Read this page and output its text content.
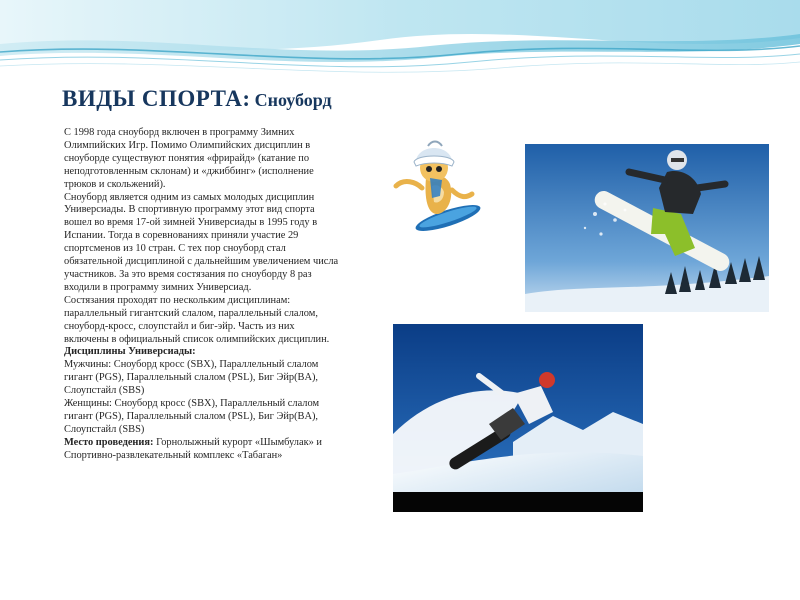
ВИДЫ СПОРТА: Сноуборд

С 1998 года сноуборд включен в программу Зимних Олимпийских Игр. Помимо Олимпийских дисциплин в сноуборде существуют понятия «фрирайд» (катание по неподготовленным склонам) и «джиббинг» (исполнение трюков и скольжений).

Сноуборд является одним из самых молодых дисциплин Универсиады. В спортивную программу этот вид спорта вошел во время 17-ой зимней Универсиады в 1995 году в Испании. Тогда в соревнованиях приняли участие 29 спортсменов из 10 стран. С тех пор сноуборд стал обязательной дисциплиной с дальнейшим увеличением числа участников. За это время состязания по сноуборду 8 раз входили в программу зимних Универсиад.

Состязания проходят по нескольким дисциплинам: параллельный гигантский слалом, параллельный слалом, сноуборд-кросс, слоупстайл и биг-эйр. Часть из них включены в официальный список олимпийских дисциплин.

Дисциплины Универсиады:

Мужчины: Сноуборд кросс (SBX), Параллельный слалом гигант (PGS), Параллельный слалом (PSL), Биг Эйр(BA), Слоупстайл (SBS)

Женщины: Сноуборд кросс (SBX), Параллельный слалом гигант (PGS), Параллельный слалом (PSL), Биг Эйр(BA), Слоупстайл (SBS)

Место проведения: Горнолыжный курорт «Шымбулак» и Спортивно-развлекательный комплекс «Табаган»
